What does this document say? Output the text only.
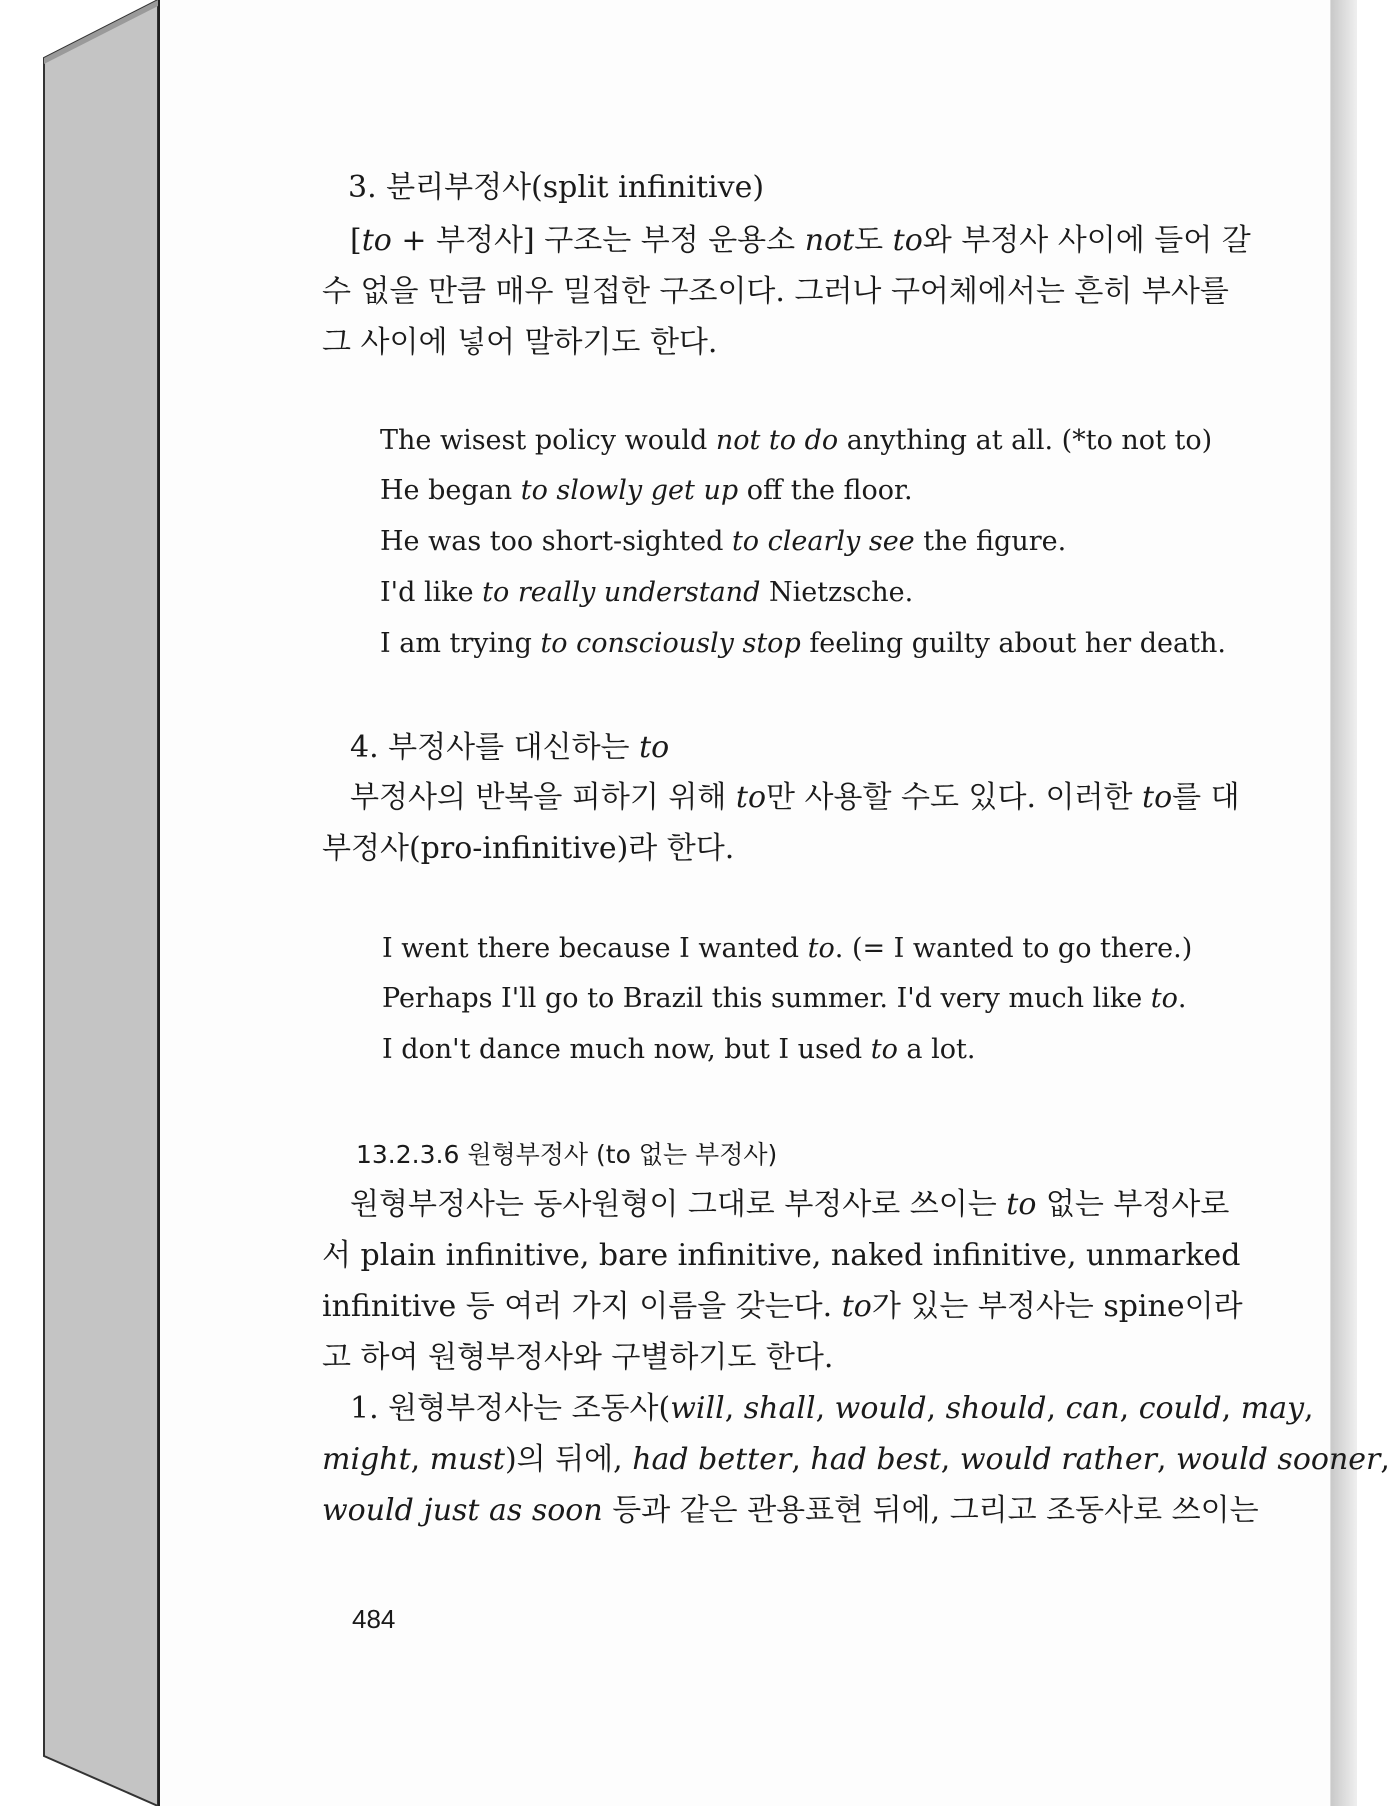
3. 분리부정사(split infinitive)
[to + 부정사] 구조는 부정 운용소 not도 to와 부정사 사이에 들어 갈
수 없을 만큼 매우 밀접한 구조이다. 그러나 구어체에서는 흔히 부사를
그 사이에 넣어 말하기도 한다.
The wisest policy would not to do anything at all. (*to not to)
He began to slowly get up off the floor.
He was too short-sighted to clearly see the figure.
I'd like to really understand Nietzsche.
I am trying to consciously stop feeling guilty about her death.
4. 부정사를 대신하는 to
부정사의 반복을 피하기 위해 to만 사용할 수도 있다. 이러한 to를 대
부정사(pro-infinitive)라 한다.
I went there because I wanted to. (= I wanted to go there.)
Perhaps I'll go to Brazil this summer. I'd very much like to.
I don't dance much now, but I used to a lot.
13.2.3.6 원형부정사 (to 없는 부정사)
원형부정사는 동사원형이 그대로 부정사로 쓰이는 to 없는 부정사로
서 plain infinitive, bare infinitive, naked infinitive, unmarked
infinitive 등 여러 가지 이름을 갖는다. to가 있는 부정사는 spine이라
고 하여 원형부정사와 구별하기도 한다.
1. 원형부정사는 조동사(will, shall, would, should, can, could, may,
might, must)의 뒤에, had better, had best, would rather, would sooner,
would just as soon 등과 같은 관용표현 뒤에, 그리고 조동사로 쓰이는
484
